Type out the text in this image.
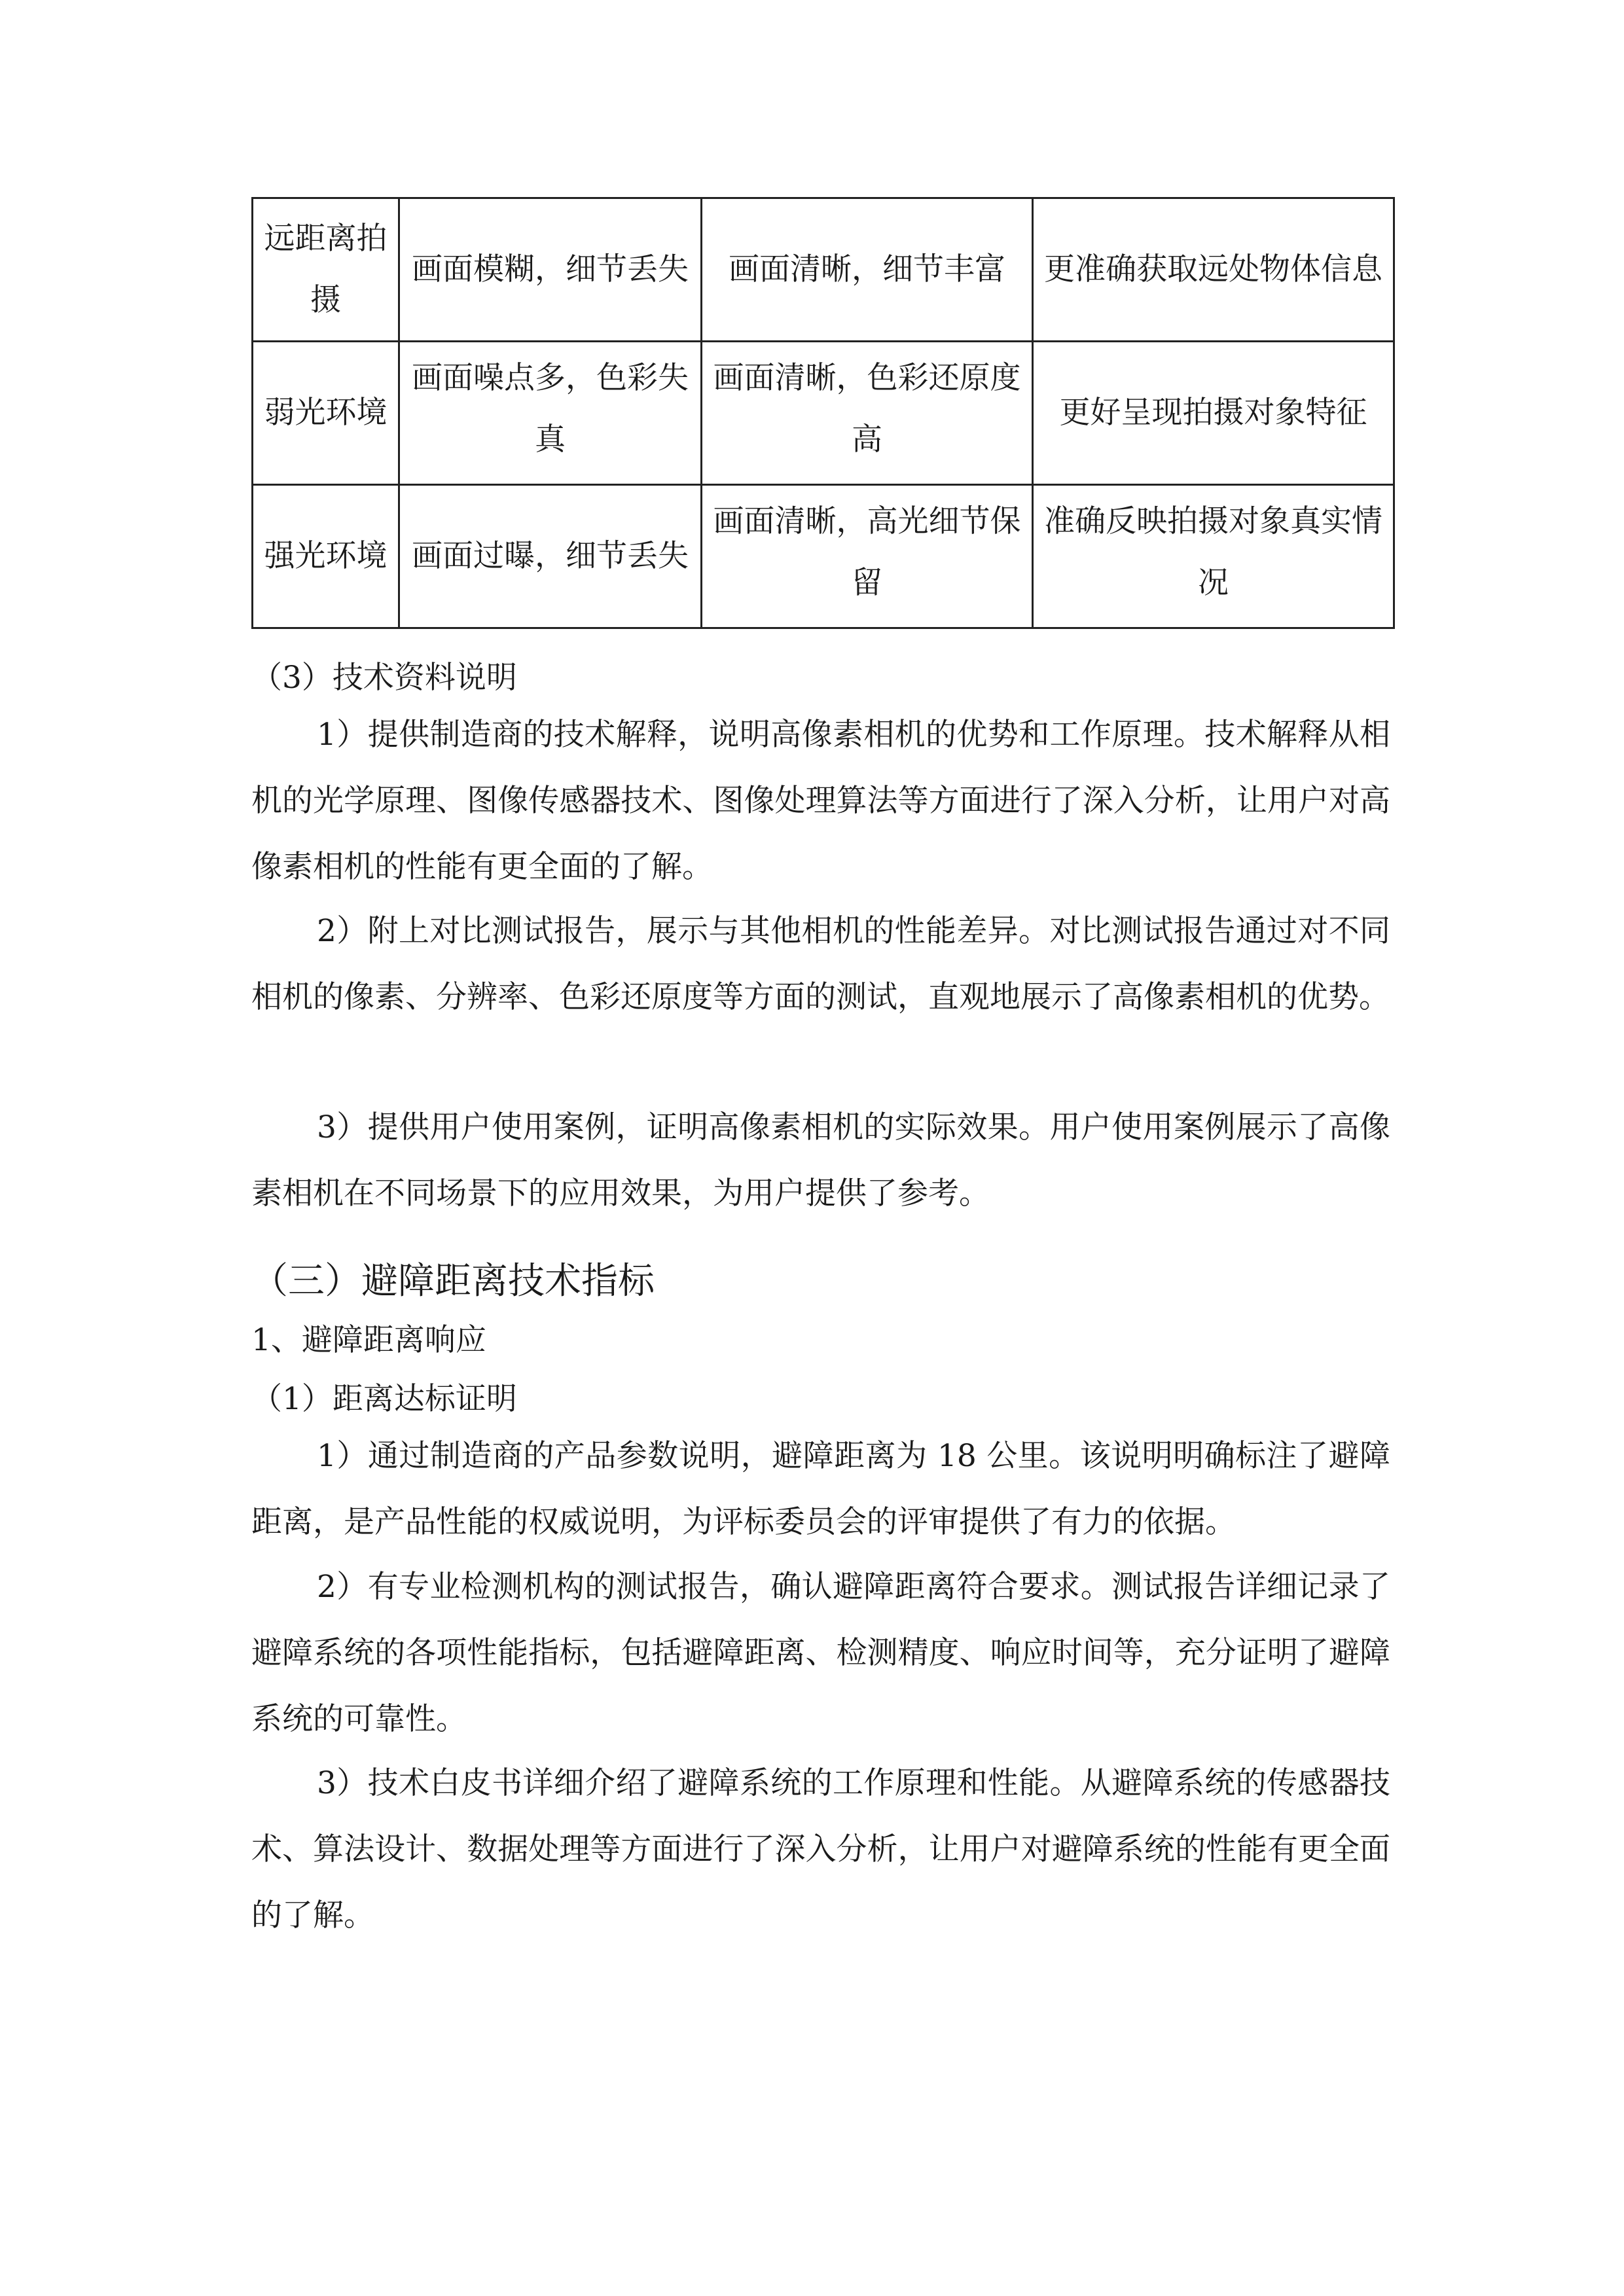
远距离拍摄	画面模糊，细节丢失	画面清晰，细节丰富	更准确获取远处物体信息
弱光环境	画面噪点多，色彩失真	画面清晰，色彩还原度高	更好呈现拍摄对象特征
强光环境	画面过曝，细节丢失	画面清晰，高光细节保留	准确反映拍摄对象真实情况

（3）技术资料说明

1）提供制造商的技术解释，说明高像素相机的优势和工作原理。技术解释从相机的光学原理、图像传感器技术、图像处理算法等方面进行了深入分析，让用户对高像素相机的性能有更全面的了解。

2）附上对比测试报告，展示与其他相机的性能差异。对比测试报告通过对不同相机的像素、分辨率、色彩还原度等方面的测试，直观地展示了高像素相机的优势。

3）提供用户使用案例，证明高像素相机的实际效果。用户使用案例展示了高像素相机在不同场景下的应用效果，为用户提供了参考。

（三）避障距离技术指标

1、避障距离响应

（1）距离达标证明

1）通过制造商的产品参数说明，避障距离为 18 公里。该说明明确标注了避障距离，是产品性能的权威说明，为评标委员会的评审提供了有力的依据。

2）有专业检测机构的测试报告，确认避障距离符合要求。测试报告详细记录了避障系统的各项性能指标，包括避障距离、检测精度、响应时间等，充分证明了避障系统的可靠性。

3）技术白皮书详细介绍了避障系统的工作原理和性能。从避障系统的传感器技术、算法设计、数据处理等方面进行了深入分析，让用户对避障系统的性能有更全面的了解。
